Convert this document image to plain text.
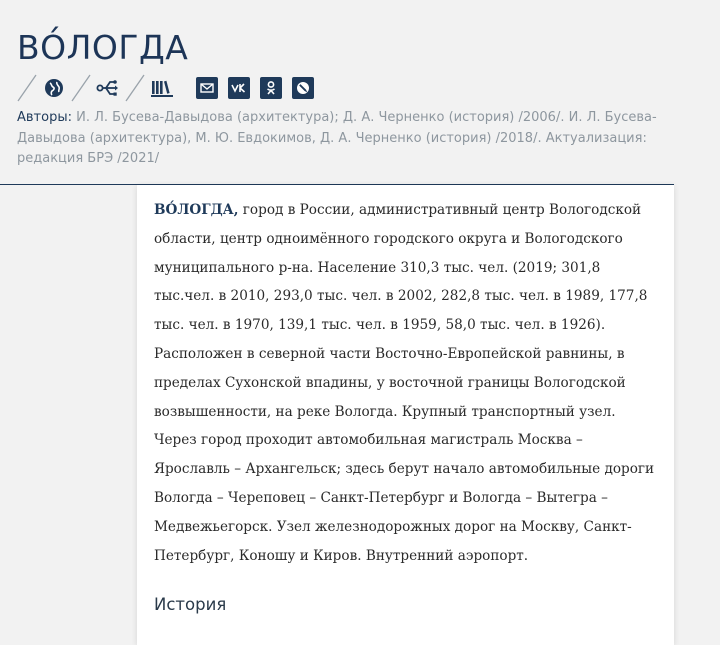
ВО́ЛОГДА
Авторы: И. Л. Бусева-Давыдова (архитектура); Д. А. Черненко (история) /2006/. И. Л. Бусева-Давыдова (архитектура), М. Ю. Евдокимов, Д. А. Черненко (история) /2018/. Актуализация: редакция БРЭ /2021/

ВО́ЛОГДА, город в России, административный центр Вологодской области, центр одноимённого городского округа и Вологодского муниципального р-на. Население 310,3 тыс. чел. (2019; 301,8 тыс.чел. в 2010, 293,0 тыс. чел. в 2002, 282,8 тыс. чел. в 1989, 177,8 тыс. чел. в 1970, 139,1 тыс. чел. в 1959, 58,0 тыс. чел. в 1926). Расположен в северной части Восточно-Европейской равнины, в пределах Сухонской впадины, у восточной границы Вологодской возвышенности, на реке Вологда. Крупный транспортный узел. Через город проходит автомобильная магистраль Москва – Ярославль – Архангельск; здесь берут начало автомобильные дороги Вологда – Череповец – Санкт-Петербург и Вологда – Вытегра – Медвежьегорск. Узел железнодорожных дорог на Москву, Санкт-Петербург, Коношу и Киров. Внутренний аэропорт.

История
